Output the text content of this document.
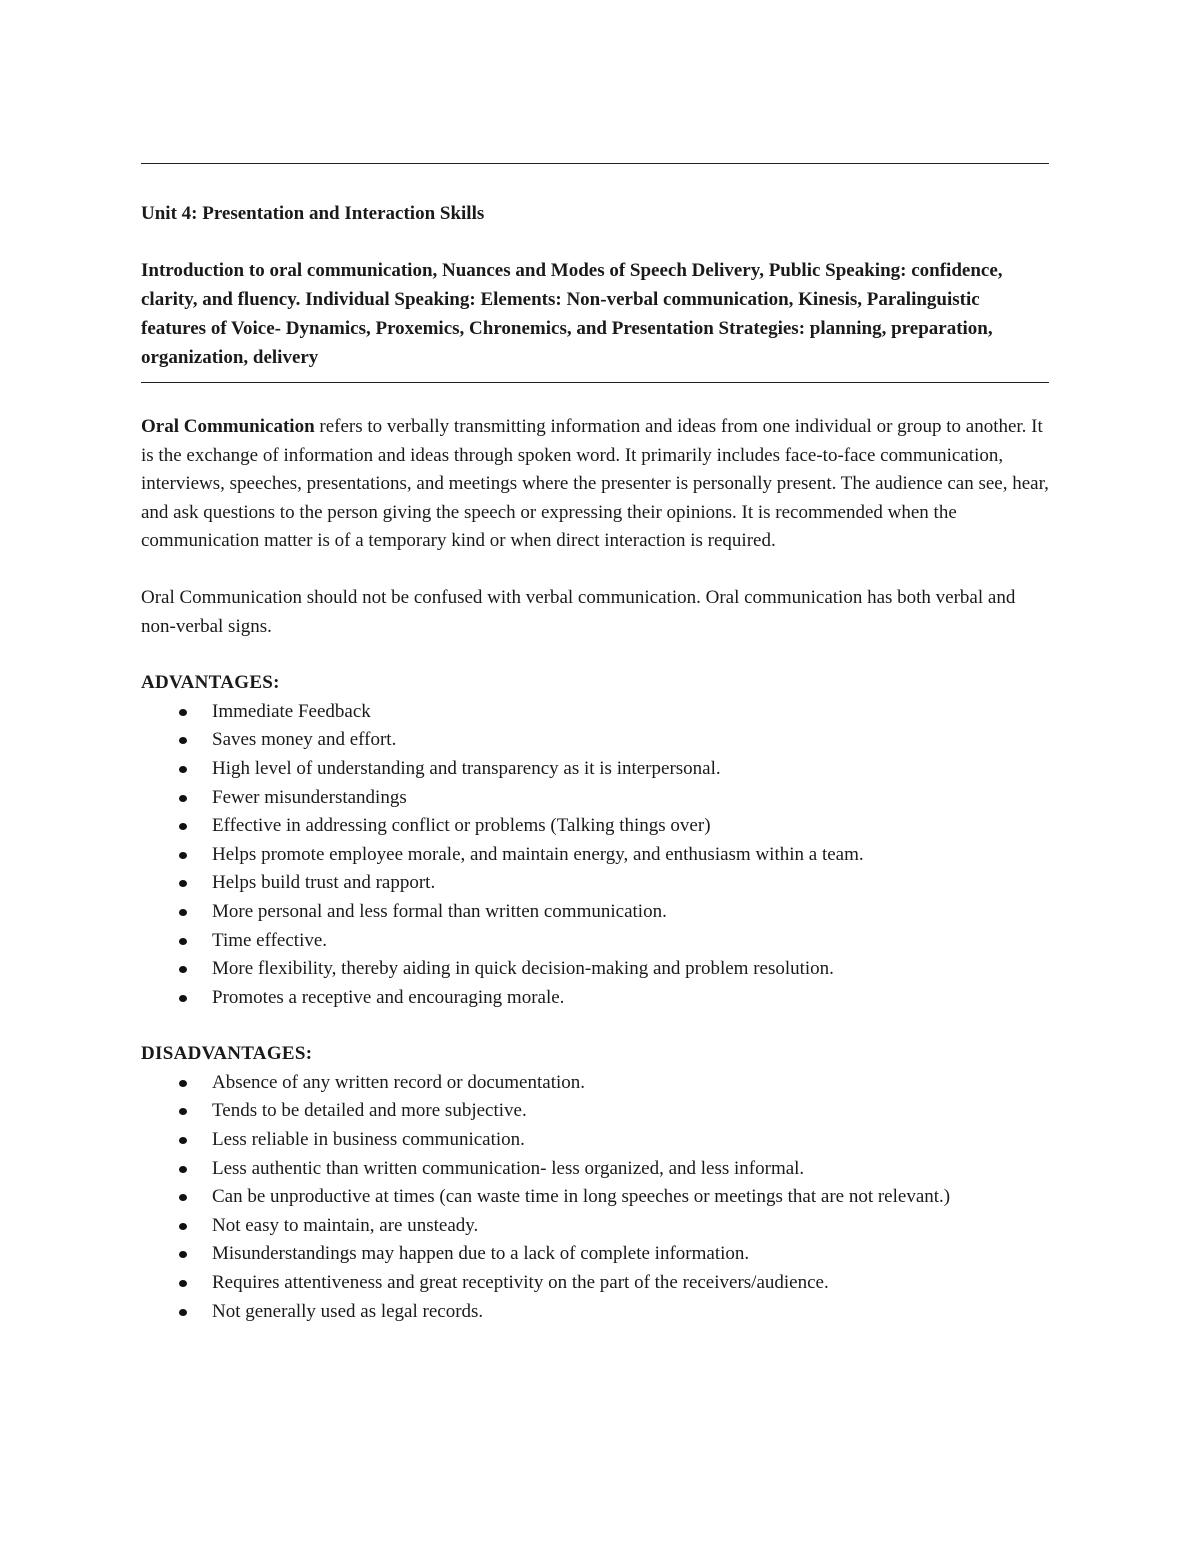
Unit 4: Presentation and Interaction Skills
Introduction to oral communication, Nuances and Modes of Speech Delivery, Public Speaking: confidence, clarity, and fluency. Individual Speaking: Elements: Non-verbal communication, Kinesis, Paralinguistic features of Voice- Dynamics, Proxemics, Chronemics, and Presentation Strategies: planning, preparation, organization, delivery

Oral Communication refers to verbally transmitting information and ideas from one individual or group to another. It is the exchange of information and ideas through spoken word. It primarily includes face-to-face communication, interviews, speeches, presentations, and meetings where the presenter is personally present. The audience can see, hear, and ask questions to the person giving the speech or expressing their opinions. It is recommended when the communication matter is of a temporary kind or when direct interaction is required.

Oral Communication should not be confused with verbal communication. Oral communication has both verbal and non-verbal signs.

ADVANTAGES:
Immediate Feedback
Saves money and effort.
High level of understanding and transparency as it is interpersonal.
Fewer misunderstandings
Effective in addressing conflict or problems (Talking things over)
Helps promote employee morale, and maintain energy, and enthusiasm within a team.
Helps build trust and rapport.
More personal and less formal than written communication.
Time effective.
More flexibility, thereby aiding in quick decision-making and problem resolution.
Promotes a receptive and encouraging morale.
DISADVANTAGES:
Absence of any written record or documentation.
Tends to be detailed and more subjective.
Less reliable in business communication.
Less authentic than written communication- less organized, and less informal.
Can be unproductive at times (can waste time in long speeches or meetings that are not relevant.)
Not easy to maintain, are unsteady.
Misunderstandings may happen due to a lack of complete information.
Requires attentiveness and great receptivity on the part of the receivers/audience.
Not generally used as legal records.
